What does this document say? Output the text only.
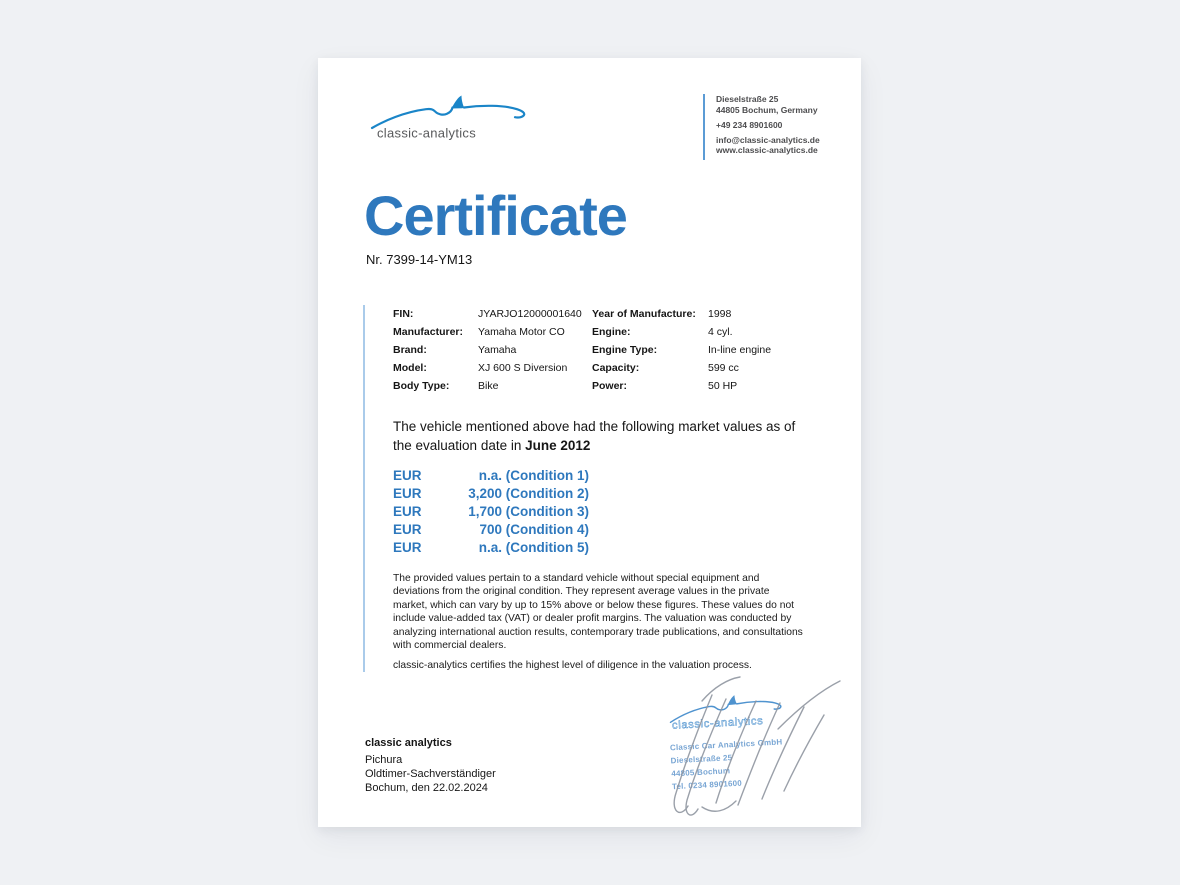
classic-analytics
Dieselstraße 25
44805 Bochum, Germany
+49 234 8901600
info@classic-analytics.de
www.classic-analytics.de
Certificate
Nr. 7399-14-YM13
FIN:	JYARJO12000001640 Year of Manufacture:	1998
Manufacturer:	Yamaha Motor CO	Engine:	4 cyl.
Brand:	Yamaha	Engine Type:	In-line engine
Model:	XJ 600 S Diversion	Capacity:	599 cc
Body Type:	Bike	Power:	50 HP
The vehicle mentioned above had the following market values as of the evaluation date in June 2012
EUR	n.a. (Condition 1)
EUR	3,200 (Condition 2)
EUR	1,700 (Condition 3)
EUR	700 (Condition 4)
EUR	n.a. (Condition 5)

The provided values pertain to a standard vehicle without special equipment and deviations from the original condition. They represent average values in the private market, which can vary by up to 15% above or below these figures. These values do not include value-added tax (VAT) or dealer profit margins. The valuation was conducted by analyzing international auction results, contemporary trade publications, and consultations with commercial dealers.

classic-analytics certifies the highest level of diligence in the valuation process.

classic analytics
Pichura
Oldtimer-Sachverständiger
Bochum, den 22.02.2024
classic-analytics
Classic Car Analytics GmbH
Dieselstraße 25
44805 Bochum
Tel. 0234 8901600
